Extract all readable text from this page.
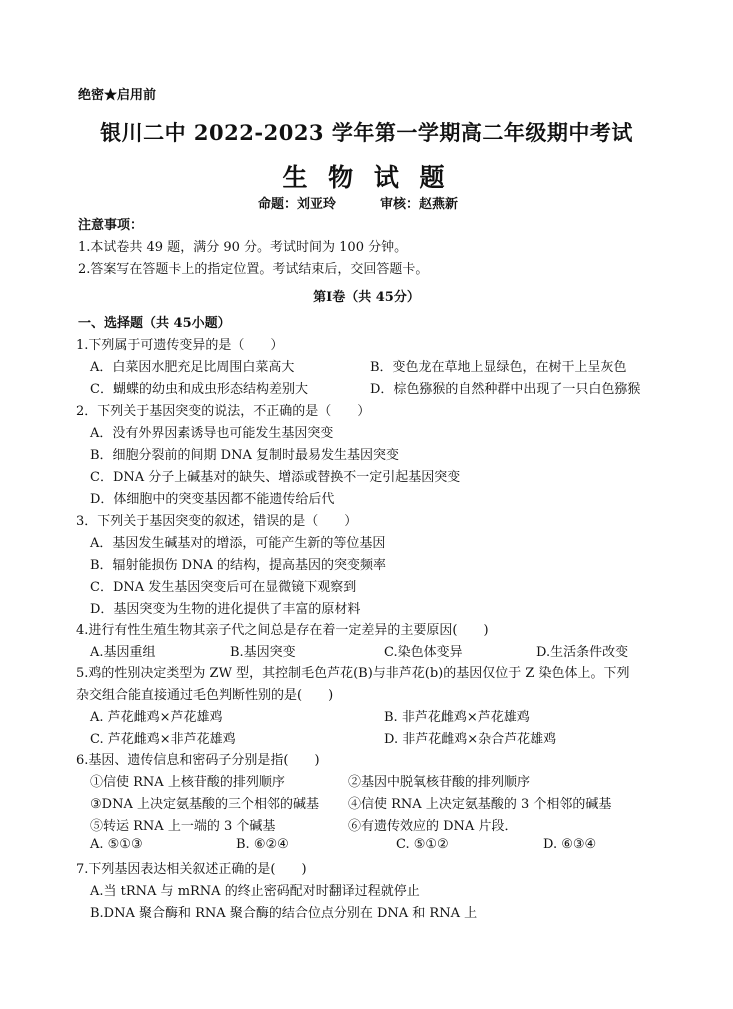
绝密★启用前
银川二中 2022-2023 学年第一学期高二年级期中考试
生 物 试 题
命题：刘亚玲	审核：赵燕新
注意事项：
1.本试卷共 49 题，满分 90 分。考试时间为 100 分钟。
2.答案写在答题卡上的指定位置。考试结束后，交回答题卡。
第Ⅰ卷（共 45分）
一、选择题（共 45小题）
1.下列属于可遗传变异的是（　　）
A．白菜因水肥充足比周围白菜高大	B．变色龙在草地上显绿色，在树干上呈灰色
C．蝴蝶的幼虫和成虫形态结构差别大	D．棕色猕猴的自然种群中出现了一只白色猕猴
2．下列关于基因突变的说法，不正确的是（　　）
A．没有外界因素诱导也可能发生基因突变
B．细胞分裂前的间期 DNA 复制时最易发生基因突变
C．DNA 分子上碱基对的缺失、增添或替换不一定引起基因突变
D．体细胞中的突变基因都不能遗传给后代
3．下列关于基因突变的叙述，错误的是（　　）
A．基因发生碱基对的增添，可能产生新的等位基因
B．辐射能损伤 DNA 的结构，提高基因的突变频率
C．DNA 发生基因突变后可在显微镜下观察到
D．基因突变为生物的进化提供了丰富的原材料
4.进行有性生殖生物其亲子代之间总是存在着一定差异的主要原因(　　)
A.基因重组	B.基因突变	C.染色体变异	D.生活条件改变
5.鸡的性别决定类型为 ZW 型，其控制毛色芦花(B)与非芦花(b)的基因仅位于 Z 染色体上。下列
杂交组合能直接通过毛色判断性别的是(　　)
A. 芦花雌鸡×芦花雄鸡	B. 非芦花雌鸡×芦花雄鸡
C. 芦花雌鸡×非芦花雄鸡	D. 非芦花雌鸡×杂合芦花雄鸡
6.基因、遗传信息和密码子分别是指(　　)
①信使 RNA 上核苷酸的排列顺序	②基因中脱氧核苷酸的排列顺序
③DNA 上决定氨基酸的三个相邻的碱基 ④信使 RNA 上决定氨基酸的 3 个相邻的碱基
⑤转运 RNA 上一端的 3 个碱基	⑥有遗传效应的 DNA 片段．
A. ⑤①③	B. ⑥②④	C. ⑤①②	D. ⑥③④
7.下列基因表达相关叙述正确的是(　　)
A.当 tRNA 与 mRNA 的终止密码配对时翻译过程就停止
B.DNA 聚合酶和 RNA 聚合酶的结合位点分别在 DNA 和 RNA 上
